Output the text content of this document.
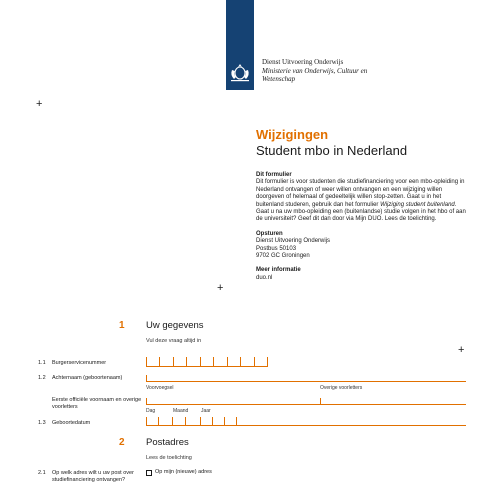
Dienst Uitvoering Onderwijs
Ministerie van Onderwijs, Cultuur en
Wetenschap
+
+
+
Wijzigingen
Student mbo in Nederland
Dit formulier
Dit formulier is voor studenten die studiefinanciering voor een mbo-opleiding in Nederland ontvangen of weer willen ontvangen en een wijziging willen doorgeven of helemaal of gedeeltelijk willen stop-zetten. Gaat u in het buitenland studeren, gebruik dan het formulier Wijziging student buitenland.
Gaat u na uw mbo-opleiding een (buitenlandse) studie volgen in het hbo of aan de universiteit? Geef dit dan door via Mijn DUO. Lees de toelichting.
Opsturen
Dienst Uitvoering Onderwijs
Postbus 50103
9702 GC Groningen
Meer informatie
duo.nl
1 Uw gegevens
Vul deze vraag altijd in
1.1 Burgerservicenummer
1.2 Achternaam (geboortenaam)
Voorvoegsel	Overige voorletters
Eerste officiële voornaam en overige voorletters
Dag	Maand	Jaar
1.3 Geboortedatum
2 Postadres
Lees de toelichting
2.1 Op welk adres wilt u uw post over studiefinanciering ontvangen?
Op mijn (nieuwe) adres
